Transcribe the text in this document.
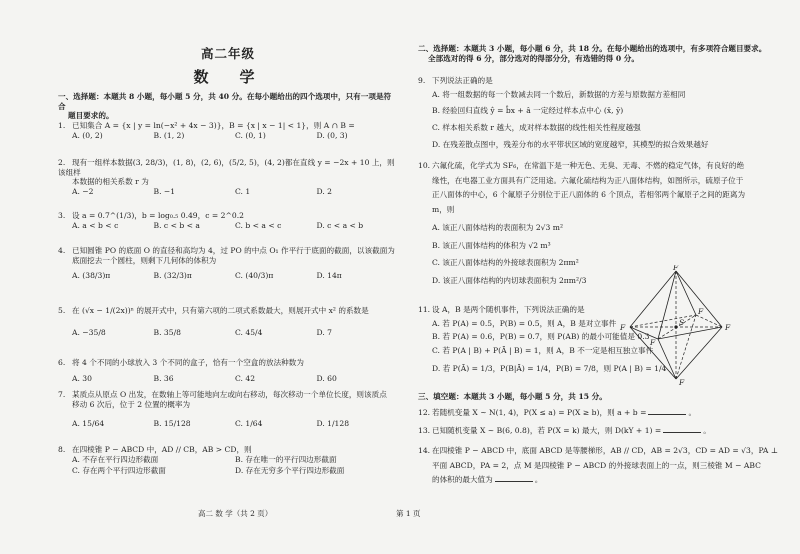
高二年级
数　学
一、选择题：本题共 8 小题，每小题 5 分，共 40 分。在每小题给出的四个选项中，只有一项是符合
题目要求的。
1. 已知集合 A = {x | y = ln(−x² + 4x − 3)}，B = {x | x − 1| < 1}，则 A ∩ B =
A. (0, 2)	B. (1, 2)	C. (0, 1)	D. (0, 3)
2. 现有一组样本数据(3, 28/3)，(1, 8)，(2, 6)，(5/2, 5)，(4, 2)都在直线 y = −2x + 10 上，则该组样
本数据的相关系数 r 为
A. −2	B. −1	C. 1	D. 2
3. 设 a = 0.7^(1/3)，b = log₀.₅ 0.49，c = 2^0.2
A. a < b < c	B. c < b < a	C. b < a < c	D. c < a < b
4. 已知圆锥 PO 的底面 O 的直径和高均为 4，过 PO 的中点 O₁ 作平行于底面的截面，以该截面为
底面挖去一个圆柱，则剩下几何体的体积为
A. (38/3)π	B. (32/3)π	C. (40/3)π	D. 14π
5. 在 (√x − 1/(2x))ⁿ 的展开式中，只有第六项的二项式系数最大，则展开式中 x² 的系数是
A. −35/8	B. 35/8	C. 45/4	D. 7
6. 将 4 个不同的小球放入 3 个不同的盒子，恰有一个空盒的放法种数为
A. 30	B. 36	C. 42	D. 60
7. 某质点从原点 O 出发，在数轴上等可能地向左或向右移动，每次移动一个单位长度，则该质点
移动 6 次后，位于 2 位置的概率为
A. 15/64	B. 15/128	C. 1/64	D. 1/128
8. 在四棱锥 P − ABCD 中，AD // CB，AB > CD，则
A. 不存在平行四边形截面	B. 存在唯一的平行四边形截面
C. 存在两个平行四边形截面	D. 存在无穷多个平行四边形截面
二、选择题：本题共 3 小题，每小题 6 分，共 18 分。在每小题给出的选项中，有多项符合题目要求。
全部选对的得 6 分，部分选对的得部分分，有选错的得 0 分。
9. 下列说法正确的是
A. 将一组数据的每一个数减去同一个数后，新数据的方差与原数据方差相同
B. 经验回归直线 ŷ = b̂x + â 一定经过样本点中心 (x̄, ȳ)
C. 样本相关系数 r 越大，成对样本数据的线性相关性程度越强
D. 在残差散点图中，残差分布的水平带状区域的宽度越窄，其模型的拟合效果越好
10. 六氟化硫，化学式为 SF₆，在常温下是一种无色、无臭、无毒、不燃的稳定气体，有良好的绝
缘性，在电器工业方面具有广泛用途。六氟化硫结构为正八面体结构，如图所示，硫原子位于
正八面体的中心，6 个氟原子分别位于正八面体的 6 个顶点，若相邻两个氟原子之间的距离为
m，则
A. 该正八面体结构的表面积为 2√3 m²
B. 该正八面体结构的体积为 √2 m³
C. 该正八面体结构的外接球表面积为 2πm²
D. 该正八面体结构的内切球表面积为 2πm²/3
11. 设 A，B 是两个随机事件，下列说法正确的是
A. 若 P(A) = 0.5，P(B) = 0.5，则 A，B 是对立事件
B. 若 P(A) = 0.6，P(B) = 0.7，则 P(AB) 的最小可能值是 0.3
C. 若 P(A | B) + P(Ā | B) = 1，则 A，B 不一定是相互独立事件
D. 若 P(Ā) = 1/3，P(B|Ā) = 1/4，P(B) = 7/8，则 P(A | B) = 1/4
三、填空题：本题共 3 小题，每小题 5 分，共 15 分。
12. 若随机变量 X ~ N(1, 4)，P(X ≤ a) = P(X ≥ b)，则 a + b =	。
13. 已知随机变量 X ~ B(6, 0.8)，若 P(X = k) 最大，则 D(kY + 1) =	。
14. 在四棱锥 P − ABCD 中，底面 ABCD 是等腰梯形，AB // CD，AB = 2√3，CD = AD = √3，PA ⊥
平面 ABCD，PA = 2，点 M 是四棱锥 P − ABCD 的外接球表面上的一点，则三棱锥 M − ABC
的体积的最大值为	。
F
F	F
F
F
F
S
高二 数 学（共 2 页）	第 1 页
